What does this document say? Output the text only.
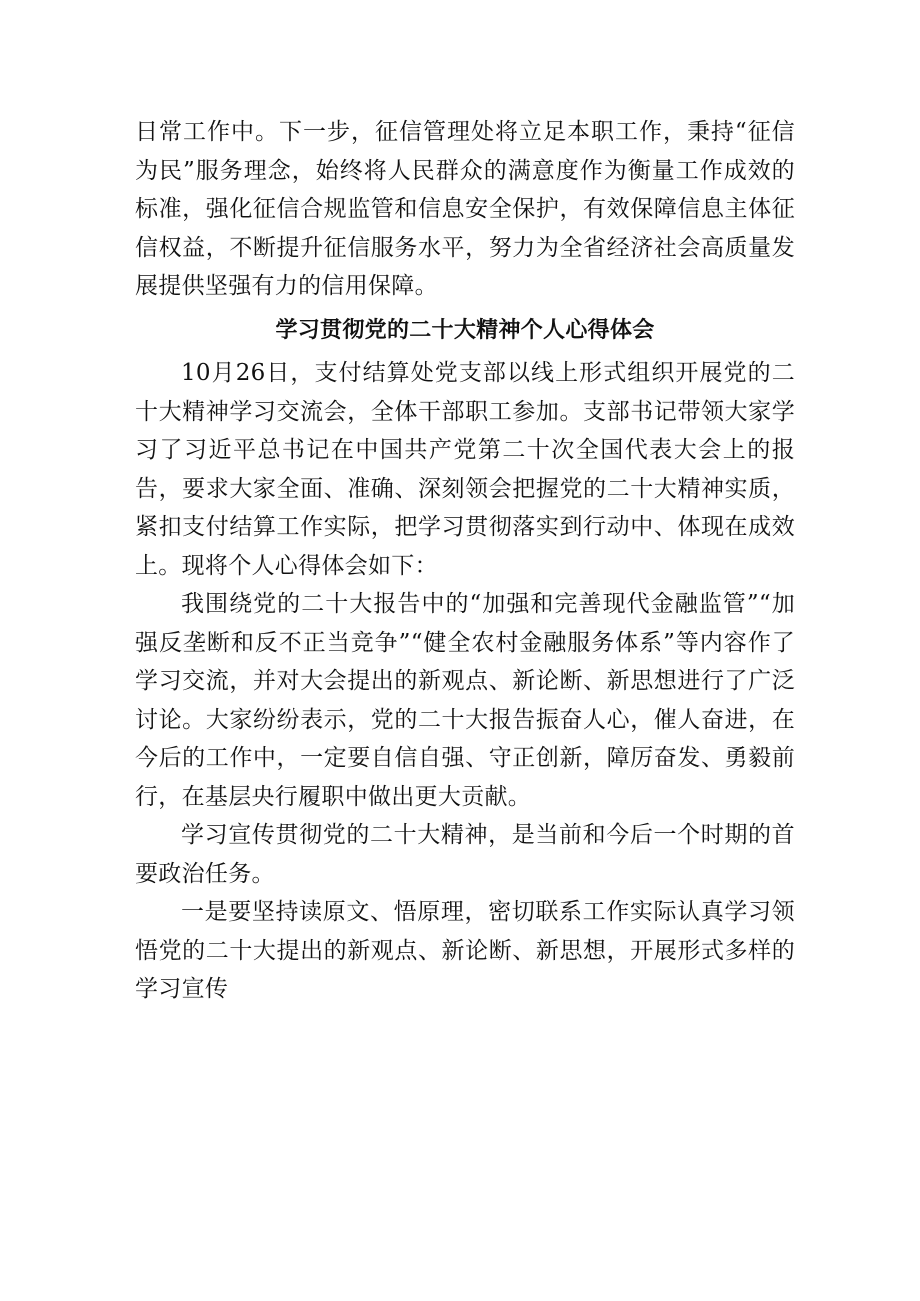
日常工作中。下一步，征信管理处将立足本职工作，秉持“征信为民”服务理念，始终将人民群众的满意度作为衡量工作成效的标准，强化征信合规监管和信息安全保护，有效保障信息主体征信权益，不断提升征信服务水平，努力为全省经济社会高质量发展提供坚强有力的信用保障。

学习贯彻党的二十大精神个人心得体会

10月26日，支付结算处党支部以线上形式组织开展党的二十大精神学习交流会，全体干部职工参加。支部书记带领大家学习了习近平总书记在中国共产党第二十次全国代表大会上的报告，要求大家全面、准确、深刻领会把握党的二十大精神实质，紧扣支付结算工作实际，把学习贯彻落实到行动中、体现在成效上。现将个人心得体会如下：

我围绕党的二十大报告中的“加强和完善现代金融监管”“加强反垄断和反不正当竞争”“健全农村金融服务体系”等内容作了学习交流，并对大会提出的新观点、新论断、新思想进行了广泛讨论。大家纷纷表示，党的二十大报告振奋人心，催人奋进，在今后的工作中，一定要自信自强、守正创新，障厉奋发、勇毅前行，在基层央行履职中做出更大贡献。

学习宣传贯彻党的二十大精神，是当前和今后一个时期的首要政治任务。

一是要坚持读原文、悟原理，密切联系工作实际认真学习领悟党的二十大提出的新观点、新论断、新思想，开展形式多样的学习宣传
